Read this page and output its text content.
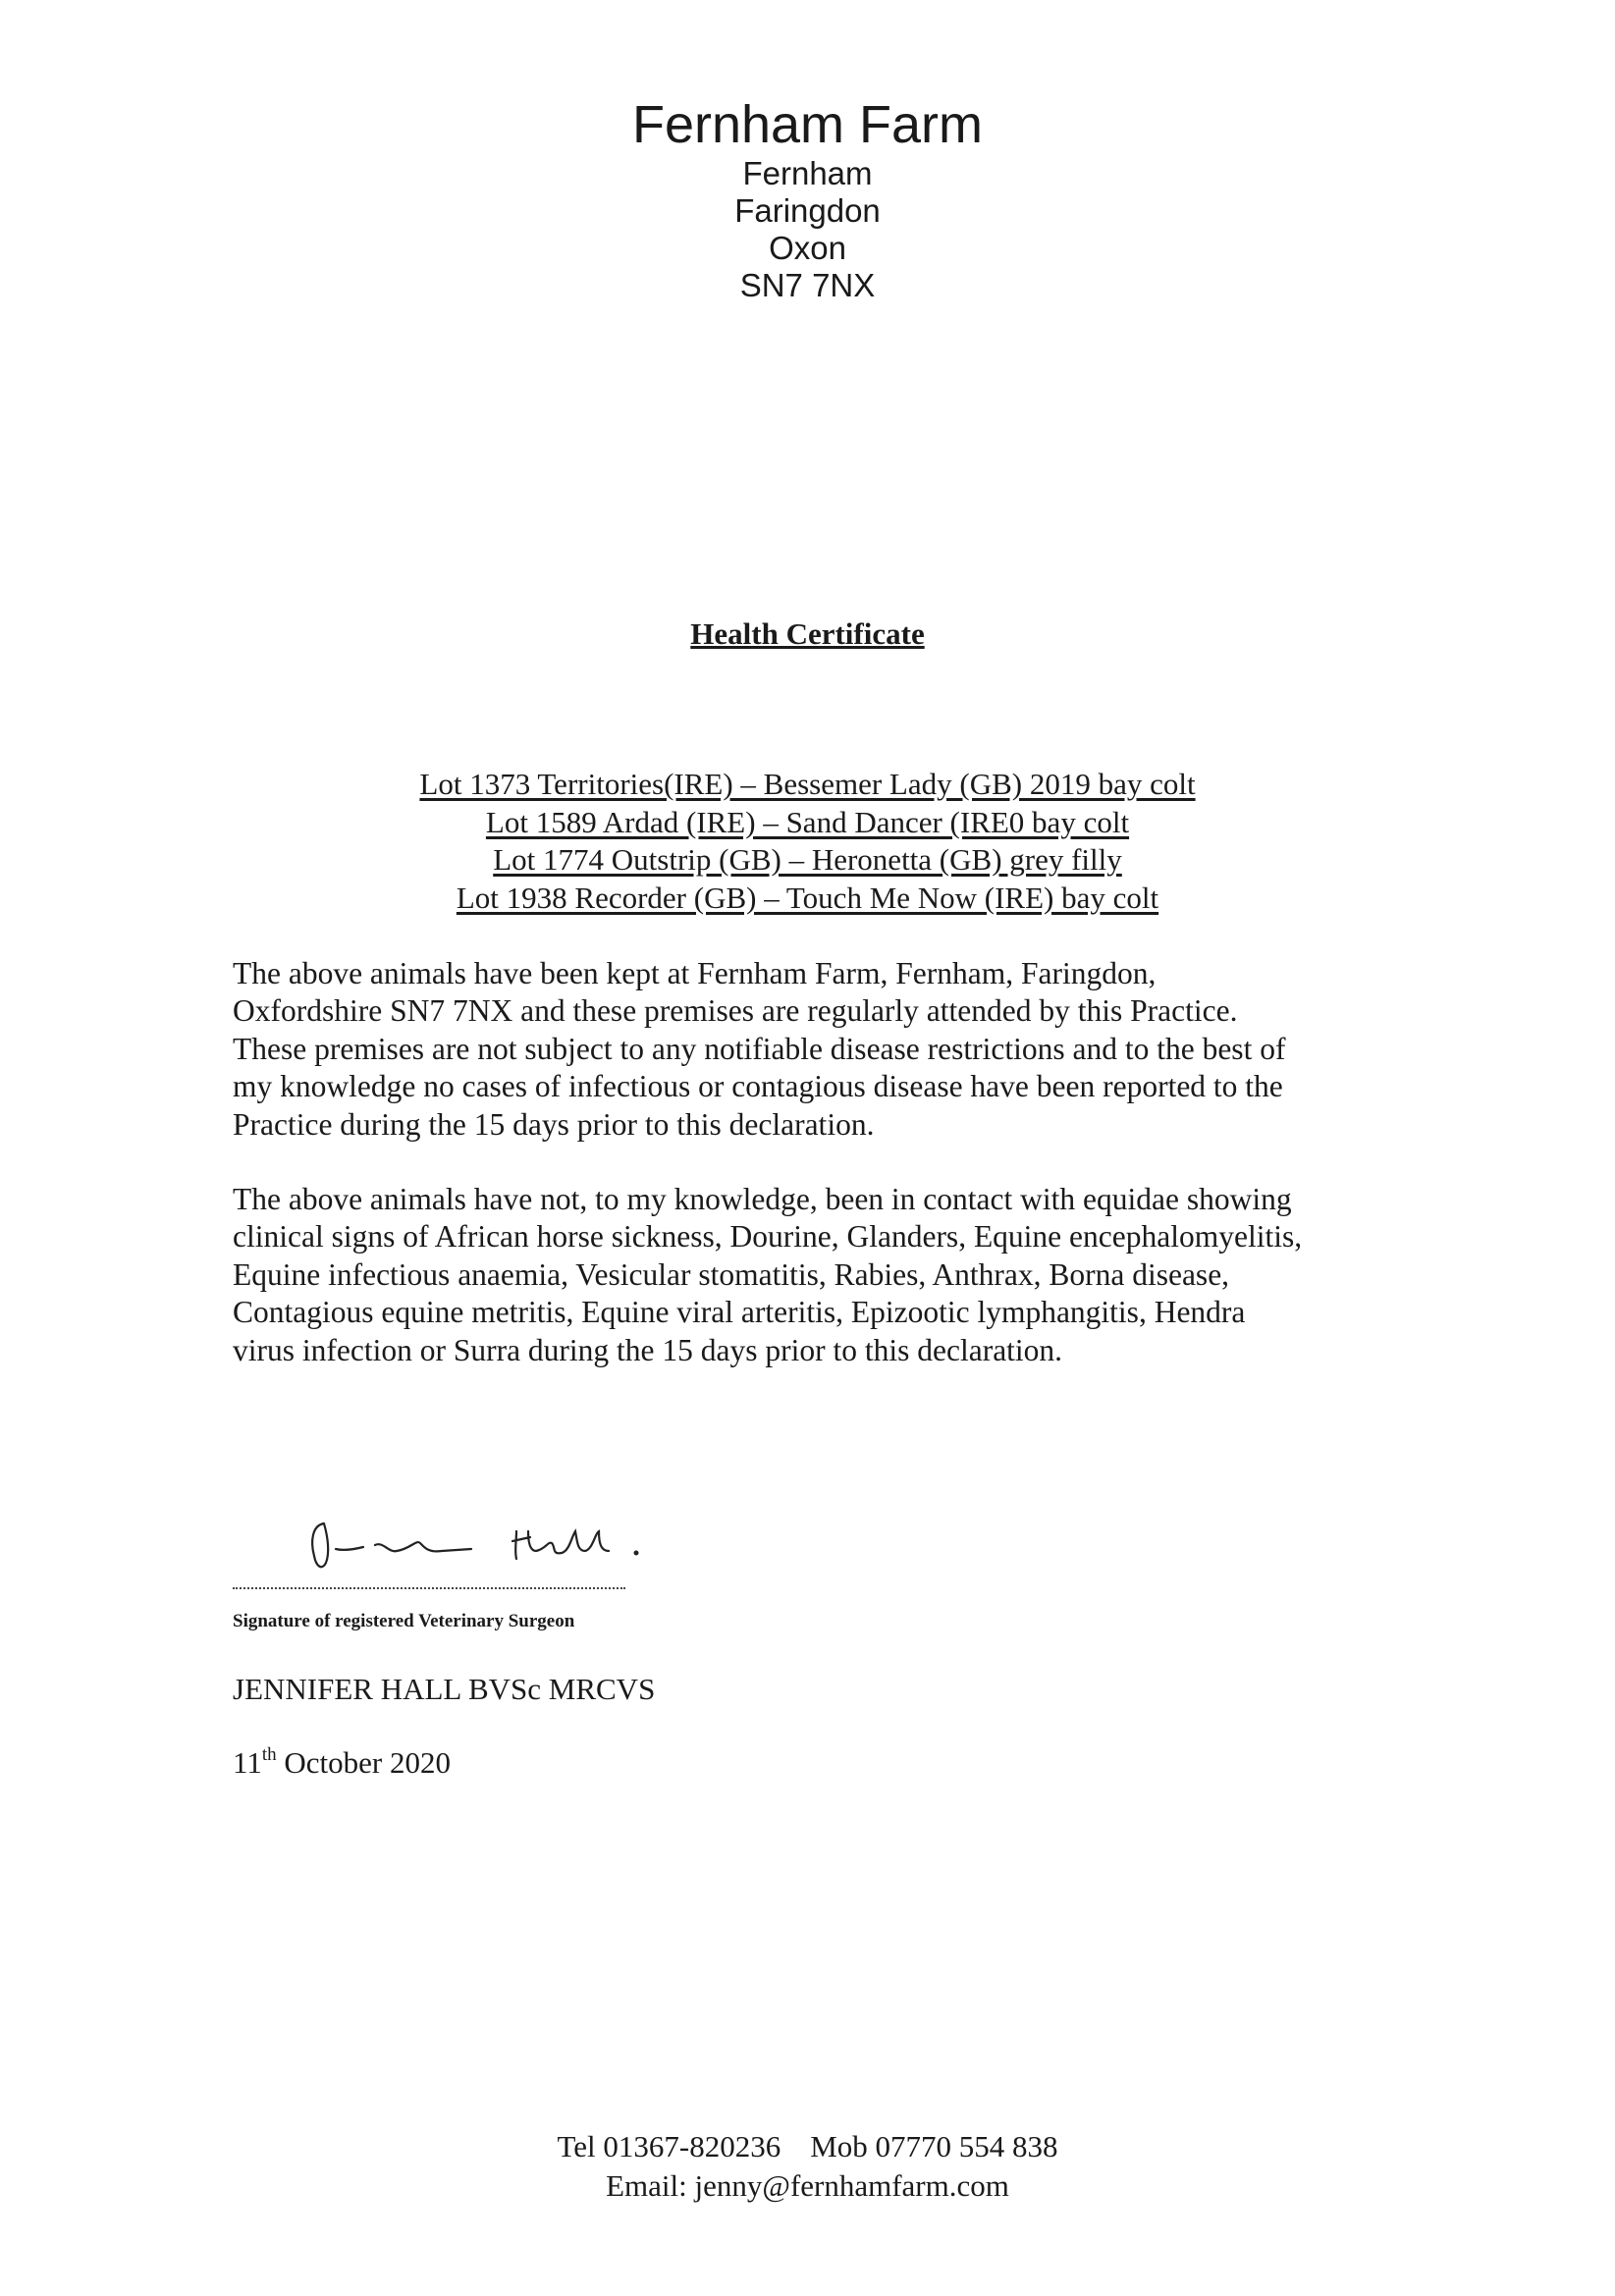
Fernham Farm

Fernham

Faringdon

Oxon

SN7 7NX

Health Certificate
Lot 1373 Territories(IRE) – Bessemer Lady (GB) 2019 bay colt
Lot 1589 Ardad (IRE) – Sand Dancer (IRE0 bay colt
Lot 1774 Outstrip (GB) – Heronetta (GB) grey filly
Lot 1938 Recorder (GB) – Touch Me Now (IRE) bay colt
The above animals have been kept at Fernham Farm, Fernham, Faringdon,
Oxfordshire SN7 7NX and these premises are regularly attended by this Practice.
These premises are not subject to any notifiable disease restrictions and to the best of
my knowledge no cases of infectious or contagious disease have been reported to the
Practice during the 15 days prior to this declaration.
The above animals have not, to my knowledge, been in contact with equidae showing
clinical signs of African horse sickness, Dourine, Glanders, Equine encephalomyelitis,
Equine infectious anaemia, Vesicular stomatitis, Rabies, Anthrax, Borna disease,
Contagious equine metritis, Equine viral arteritis, Epizootic lymphangitis, Hendra
virus infection or Surra during the 15 days prior to this declaration.

Signature of registered Veterinary Surgeon

JENNIFER HALL BVSc MRCVS

11th October 2020

Tel 01367-820236 Mob 07770 554 838

Email: jenny@fernhamfarm.com
